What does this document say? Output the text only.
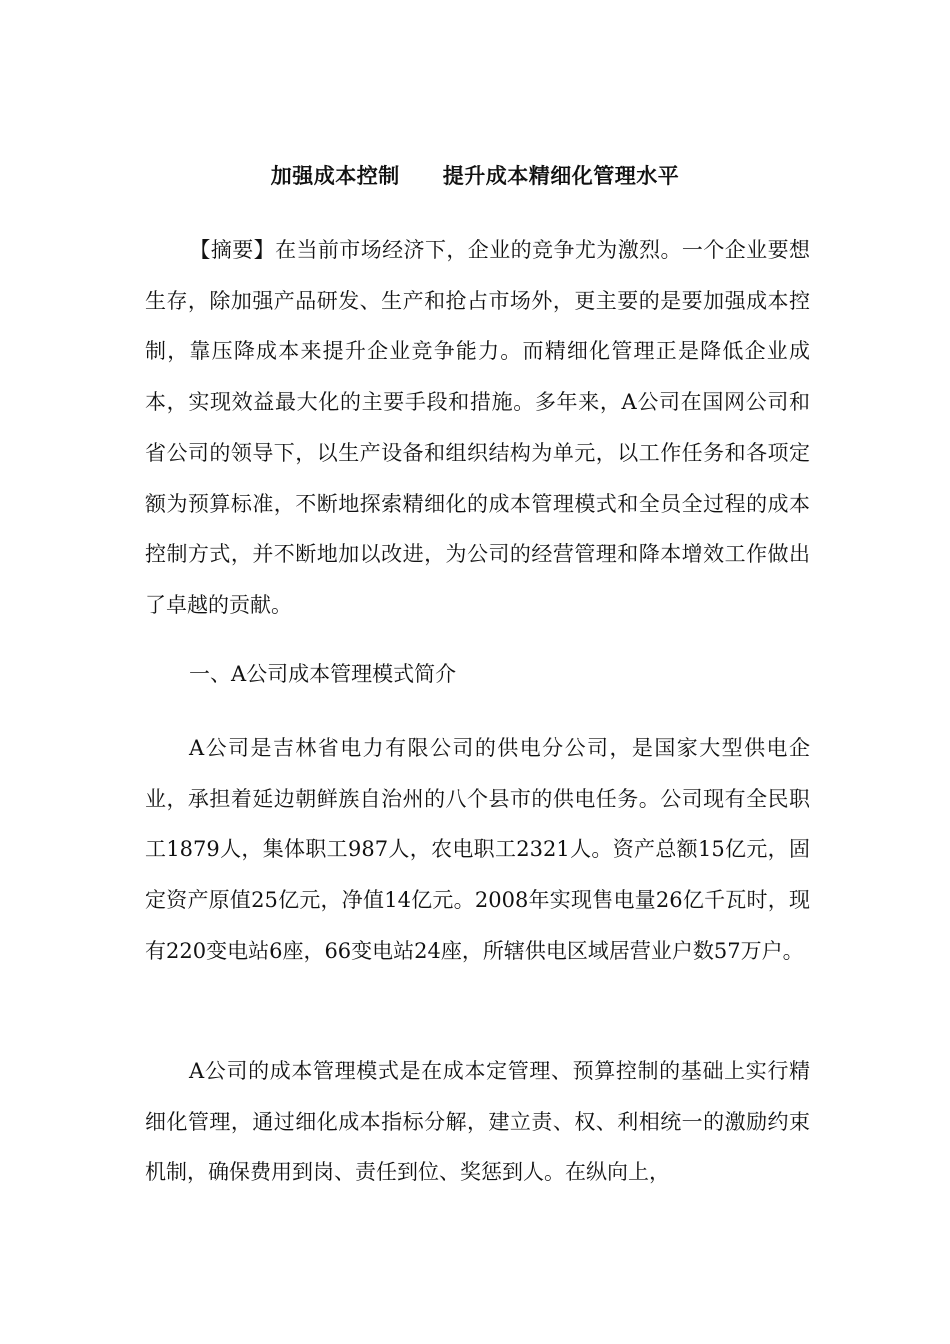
加强成本控制　　提升成本精细化管理水平

【摘要】在当前市场经济下，企业的竞争尤为激烈。一个企业要想生存，除加强产品研发、生产和抢占市场外，更主要的是要加强成本控制，靠压降成本来提升企业竞争能力。而精细化管理正是降低企业成本，实现效益最大化的主要手段和措施。多年来，A公司在国网公司和省公司的领导下，以生产设备和组织结构为单元，以工作任务和各项定额为预算标准，不断地探索精细化的成本管理模式和全员全过程的成本控制方式，并不断地加以改进，为公司的经营管理和降本增效工作做出了卓越的贡献。

一、A公司成本管理模式简介

A公司是吉林省电力有限公司的供电分公司，是国家大型供电企业，承担着延边朝鲜族自治州的八个县市的供电任务。公司现有全民职工1879人，集体职工987人，农电职工2321人。资产总额15亿元，固定资产原值25亿元，净值14亿元。2008年实现售电量26亿千瓦时，现有220变电站6座，66变电站24座，所辖供电区域居营业户数57万户。

A公司的成本管理模式是在成本定管理、预算控制的基础上实行精细化管理，通过细化成本指标分解，建立责、权、利相统一的激励约束机制，确保费用到岗、责任到位、奖惩到人。在纵向上，
